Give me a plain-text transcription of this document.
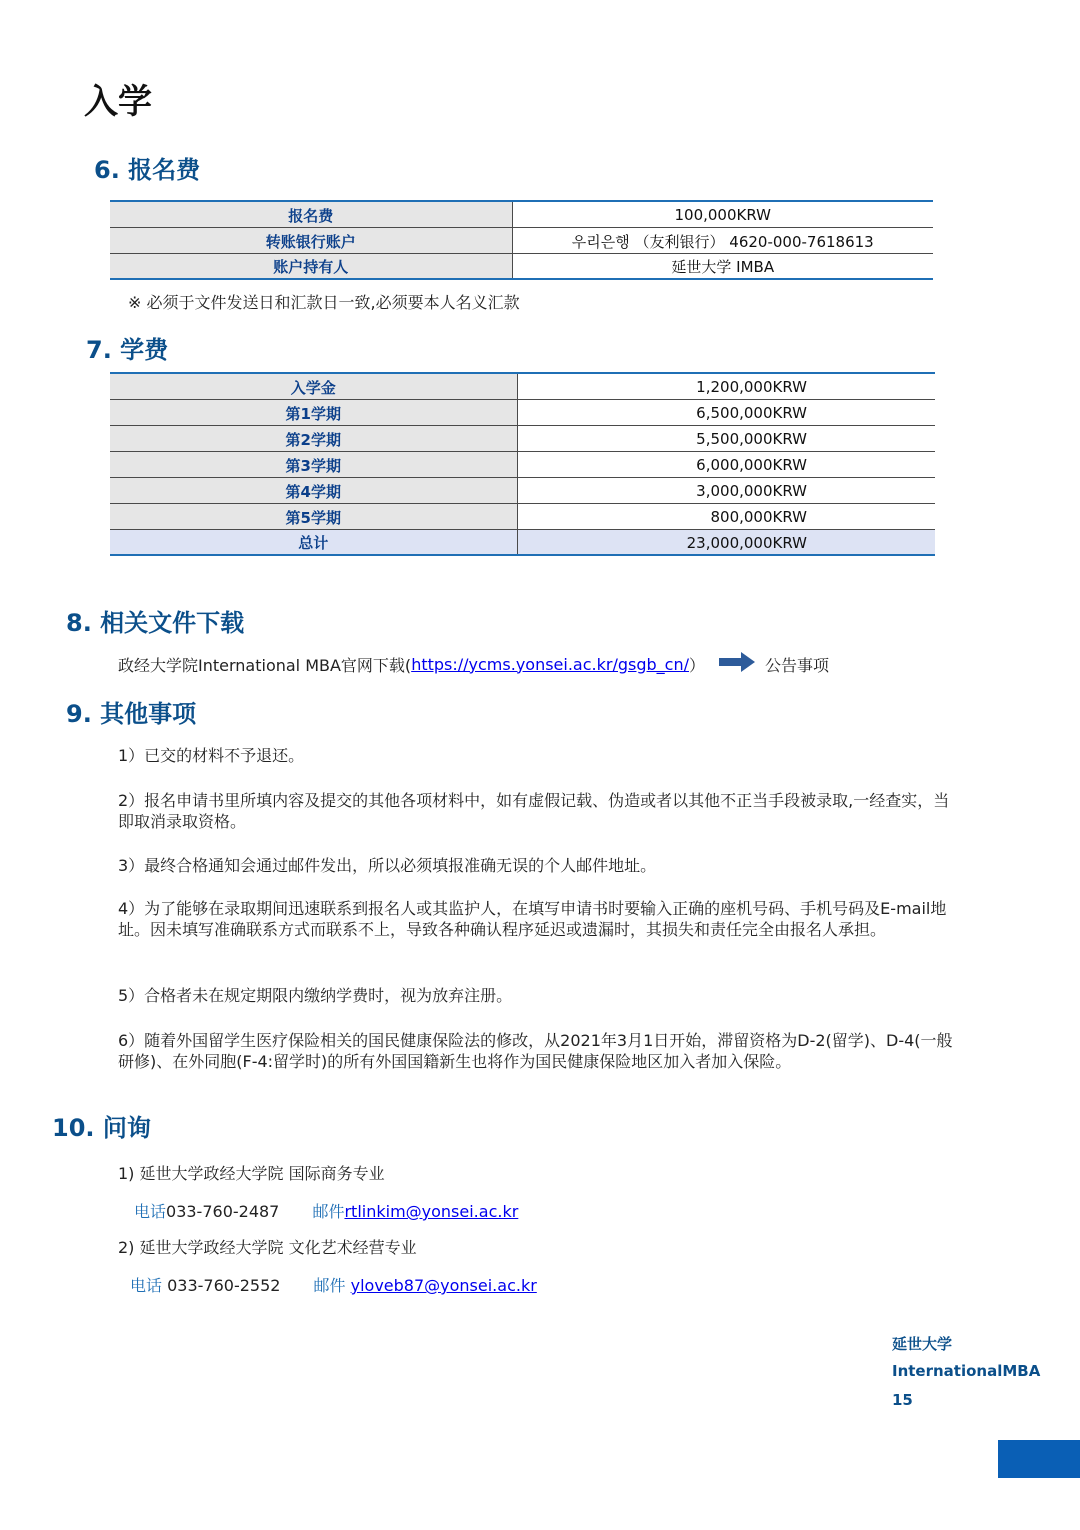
入学
6. 报名费
报名费	100,000KRW
转账银行账户	우리은행 （友利银行） 4620-000-7618613
账户持有人	延世大学 IMBA
※ 必须于文件发送日和汇款日一致,必须要本人名义汇款
7. 学费
入学金	1,200,000KRW
第1学期	6,500,000KRW
第2学期	5,500,000KRW
第3学期	6,000,000KRW
第4学期	3,000,000KRW
第5学期	800,000KRW
总计	23,000,000KRW
8. 相关文件下载
政经大学院International MBA官网下载( https://ycms.yonsei.ac.kr/gsgb_cn/ ）	公告事项
9. 其他事项
1）已交的材料不予退还。
2）报名申请书里所填内容及提交的其他各项材料中，如有虚假记载、伪造或者以其他不正当手段被录取,一经查实，当即取消录取资格。
3）最终合格通知会通过邮件发出，所以必须填报准确无误的个人邮件地址。
4）为了能够在录取期间迅速联系到报名人或其监护人，在填写申请书时要输入正确的座机号码、手机号码及E-mail地址。因未填写准确联系方式而联系不上，导致各种确认程序延迟或遗漏时，其损失和责任完全由报名人承担。
5）合格者未在规定期限内缴纳学费时，视为放弃注册。
6）随着外国留学生医疗保险相关的国民健康保险法的修改，从2021年3月1日开始，滞留资格为D-2(留学)、D-4(一般研修)、在外同胞(F-4:留学时)的所有外国国籍新生也将作为国民健康保险地区加入者加入保险。
10. 问询
1) 延世大学政经大学院 国际商务专业
电话033-760-2487 邮件rtlinkim@yonsei.ac.kr
2) 延世大学政经大学院 文化艺术经营专业
电话 033-760-2552 邮件 yloveb87@yonsei.ac.kr
延世大学
InternationalMBA
15
